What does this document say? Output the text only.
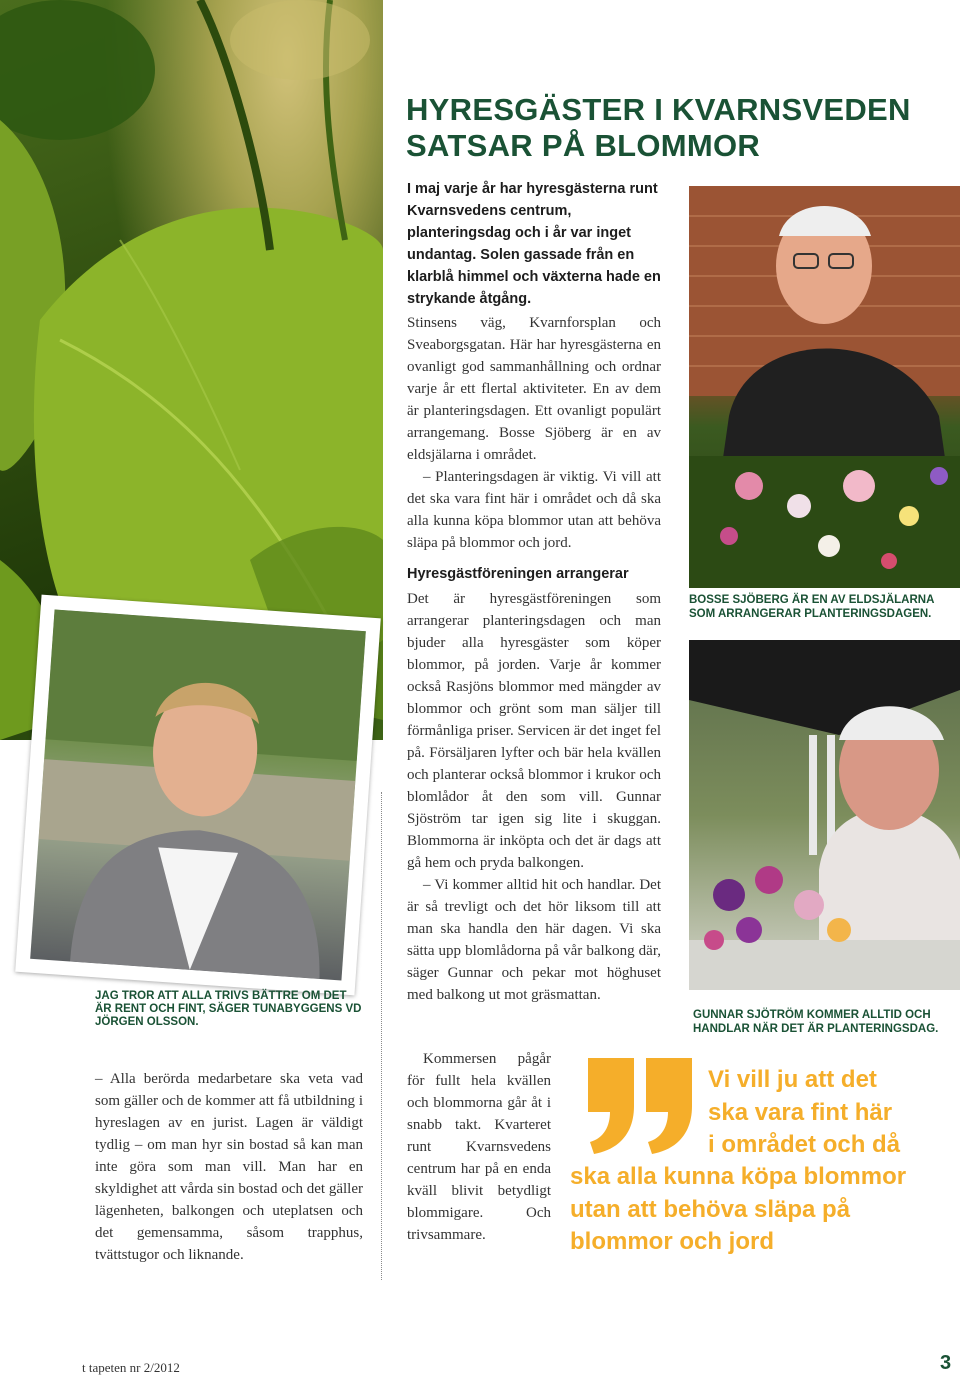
HYRESGÄSTER I KVARNSVEDEN
SATSAR PÅ BLOMMOR
I maj varje år har hyresgästerna runt Kvarnsvedens centrum, planteringsdag och i år var inget undantag. Solen gassade från en klarblå himmel och växterna hade en strykande åtgång.

Stinsens väg, Kvarnforsplan och Sveaborgsgatan. Här har hyresgästerna en ovanligt god sammanhållning och ordnar varje år ett flertal aktiviteter. En av dem är planteringsdagen. Ett ovanligt populärt arrangemang. Bosse Sjöberg är en av eldsjälarna i området.

– Planteringsdagen är viktig. Vi vill att det ska vara fint här i området och då ska alla kunna köpa blommor utan att behöva släpa på blommor och jord.

Hyresgästföreningen arrangerar

Det är hyresgästföreningen som arrangerar planteringsdagen och man bjuder alla hyresgäster som köper blommor, på jorden. Varje år kommer också Rasjöns blommor med mängder av blommor och grönt som man säljer till förmånliga priser. Servicen är det inget fel på. Försäljaren lyfter och bär hela kvällen och planterar också blommor i krukor och blomlådor åt den som vill. Gunnar Sjöström tar igen sig lite i skuggan. Blommorna är inköpta och det är dags att gå hem och pryda balkongen.

– Vi kommer alltid hit och handlar. Det är så trevligt och det hör liksom till att man ska handla den här dagen. Vi ska sätta upp blomlådorna på vår balkong där, säger Gunnar och pekar mot höghuset med balkong ut mot gräsmattan.

Kommersen pågår för fullt hela kvällen och blommorna går åt i snabb takt. Kvarteret runt Kvarnsvedens centrum har på en enda kväll blivit betydligt blommigare. Och trivsammare.

BOSSE SJÖBERG ÄR EN AV ELDSJÄLARNA SOM ARRANGERAR PLANTERINGSDAGEN.
GUNNAR SJÖTRÖM KOMMER ALLTID OCH HANDLAR NÄR DET ÄR PLANTERINGSDAG.
JAG TROR ATT ALLA TRIVS BÄTTRE OM DET ÄR RENT OCH FINT, SÄGER TUNABYGGENS VD JÖRGEN OLSSON.

– Alla berörda medarbetare ska veta vad som gäller och de kommer att få utbildning i hyreslagen av en jurist. Lagen är väldigt tydlig – om man hyr sin bostad så kan man inte göra som man vill. Man har en skyldighet att vårda sin bostad och det gäller lägenheten, balkongen och uteplatsen och det gemensamma, såsom trapphus, tvättstugor och liknande.

Vi vill ju att det
ska vara fint här
i området och då
ska alla kunna köpa blommor
utan att behöva släpa på
blommor och jord
t tapeten nr 2/2012	3
